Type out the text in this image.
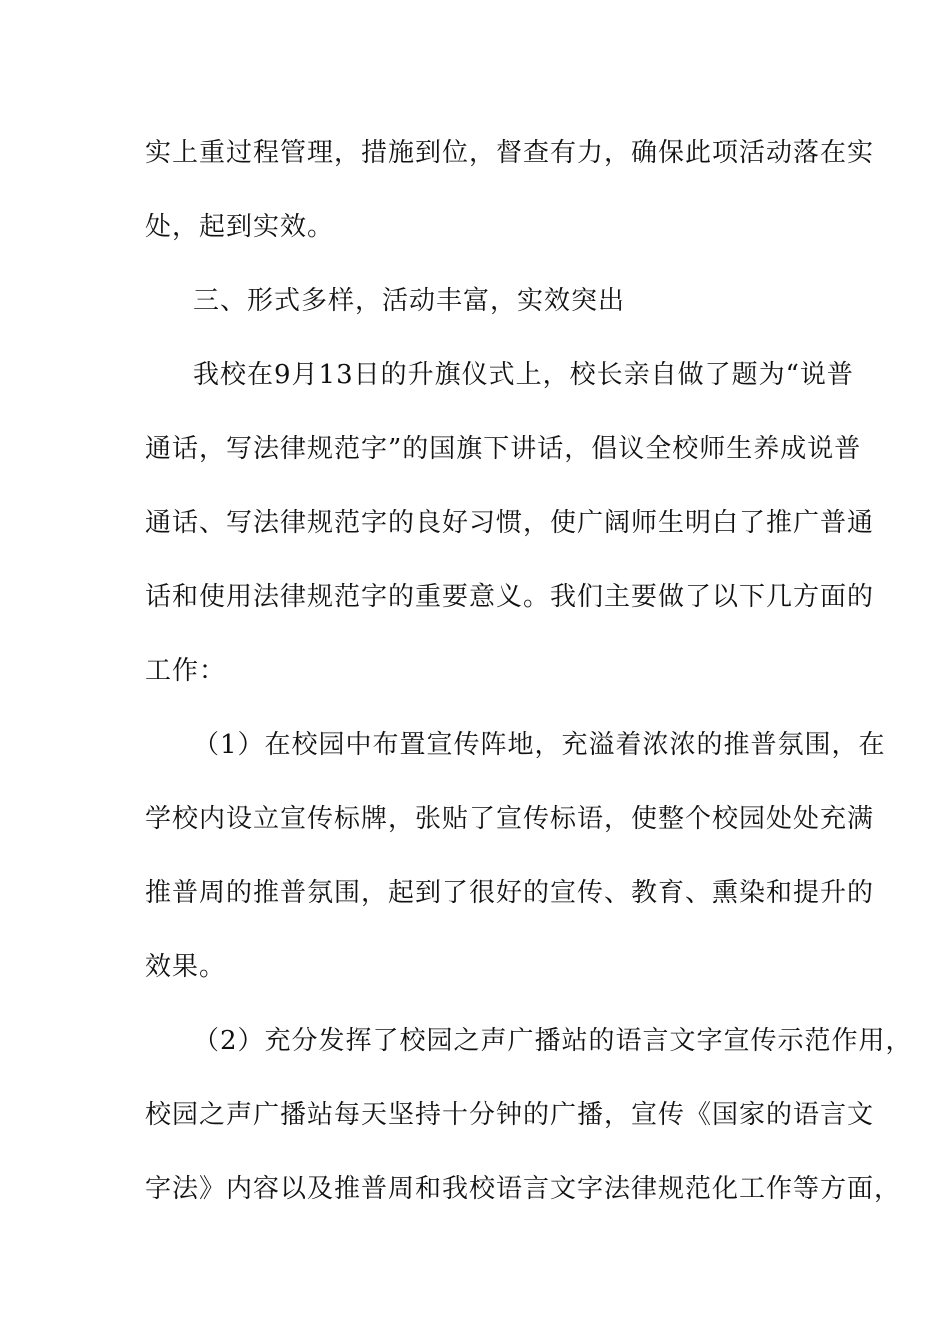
实上重过程管理，措施到位，督查有力，确保此项活动落在实
处，起到实效。
三、形式多样，活动丰富，实效突出
我校在9月13日的升旗仪式上，校长亲自做了题为“说普
通话，写法律规范字”的国旗下讲话，倡议全校师生养成说普
通话、写法律规范字的良好习惯，使广阔师生明白了推广普通
话和使用法律规范字的重要意义。我们主要做了以下几方面的
工作：
（1）在校园中布置宣传阵地，充溢着浓浓的推普氛围，在
学校内设立宣传标牌，张贴了宣传标语，使整个校园处处充满
推普周的推普氛围，起到了很好的宣传、教育、熏染和提升的
效果。
（2）充分发挥了校园之声广播站的语言文字宣传示范作用，
校园之声广播站每天坚持十分钟的广播，宣传《国家的语言文
字法》内容以及推普周和我校语言文字法律规范化工作等方面，
